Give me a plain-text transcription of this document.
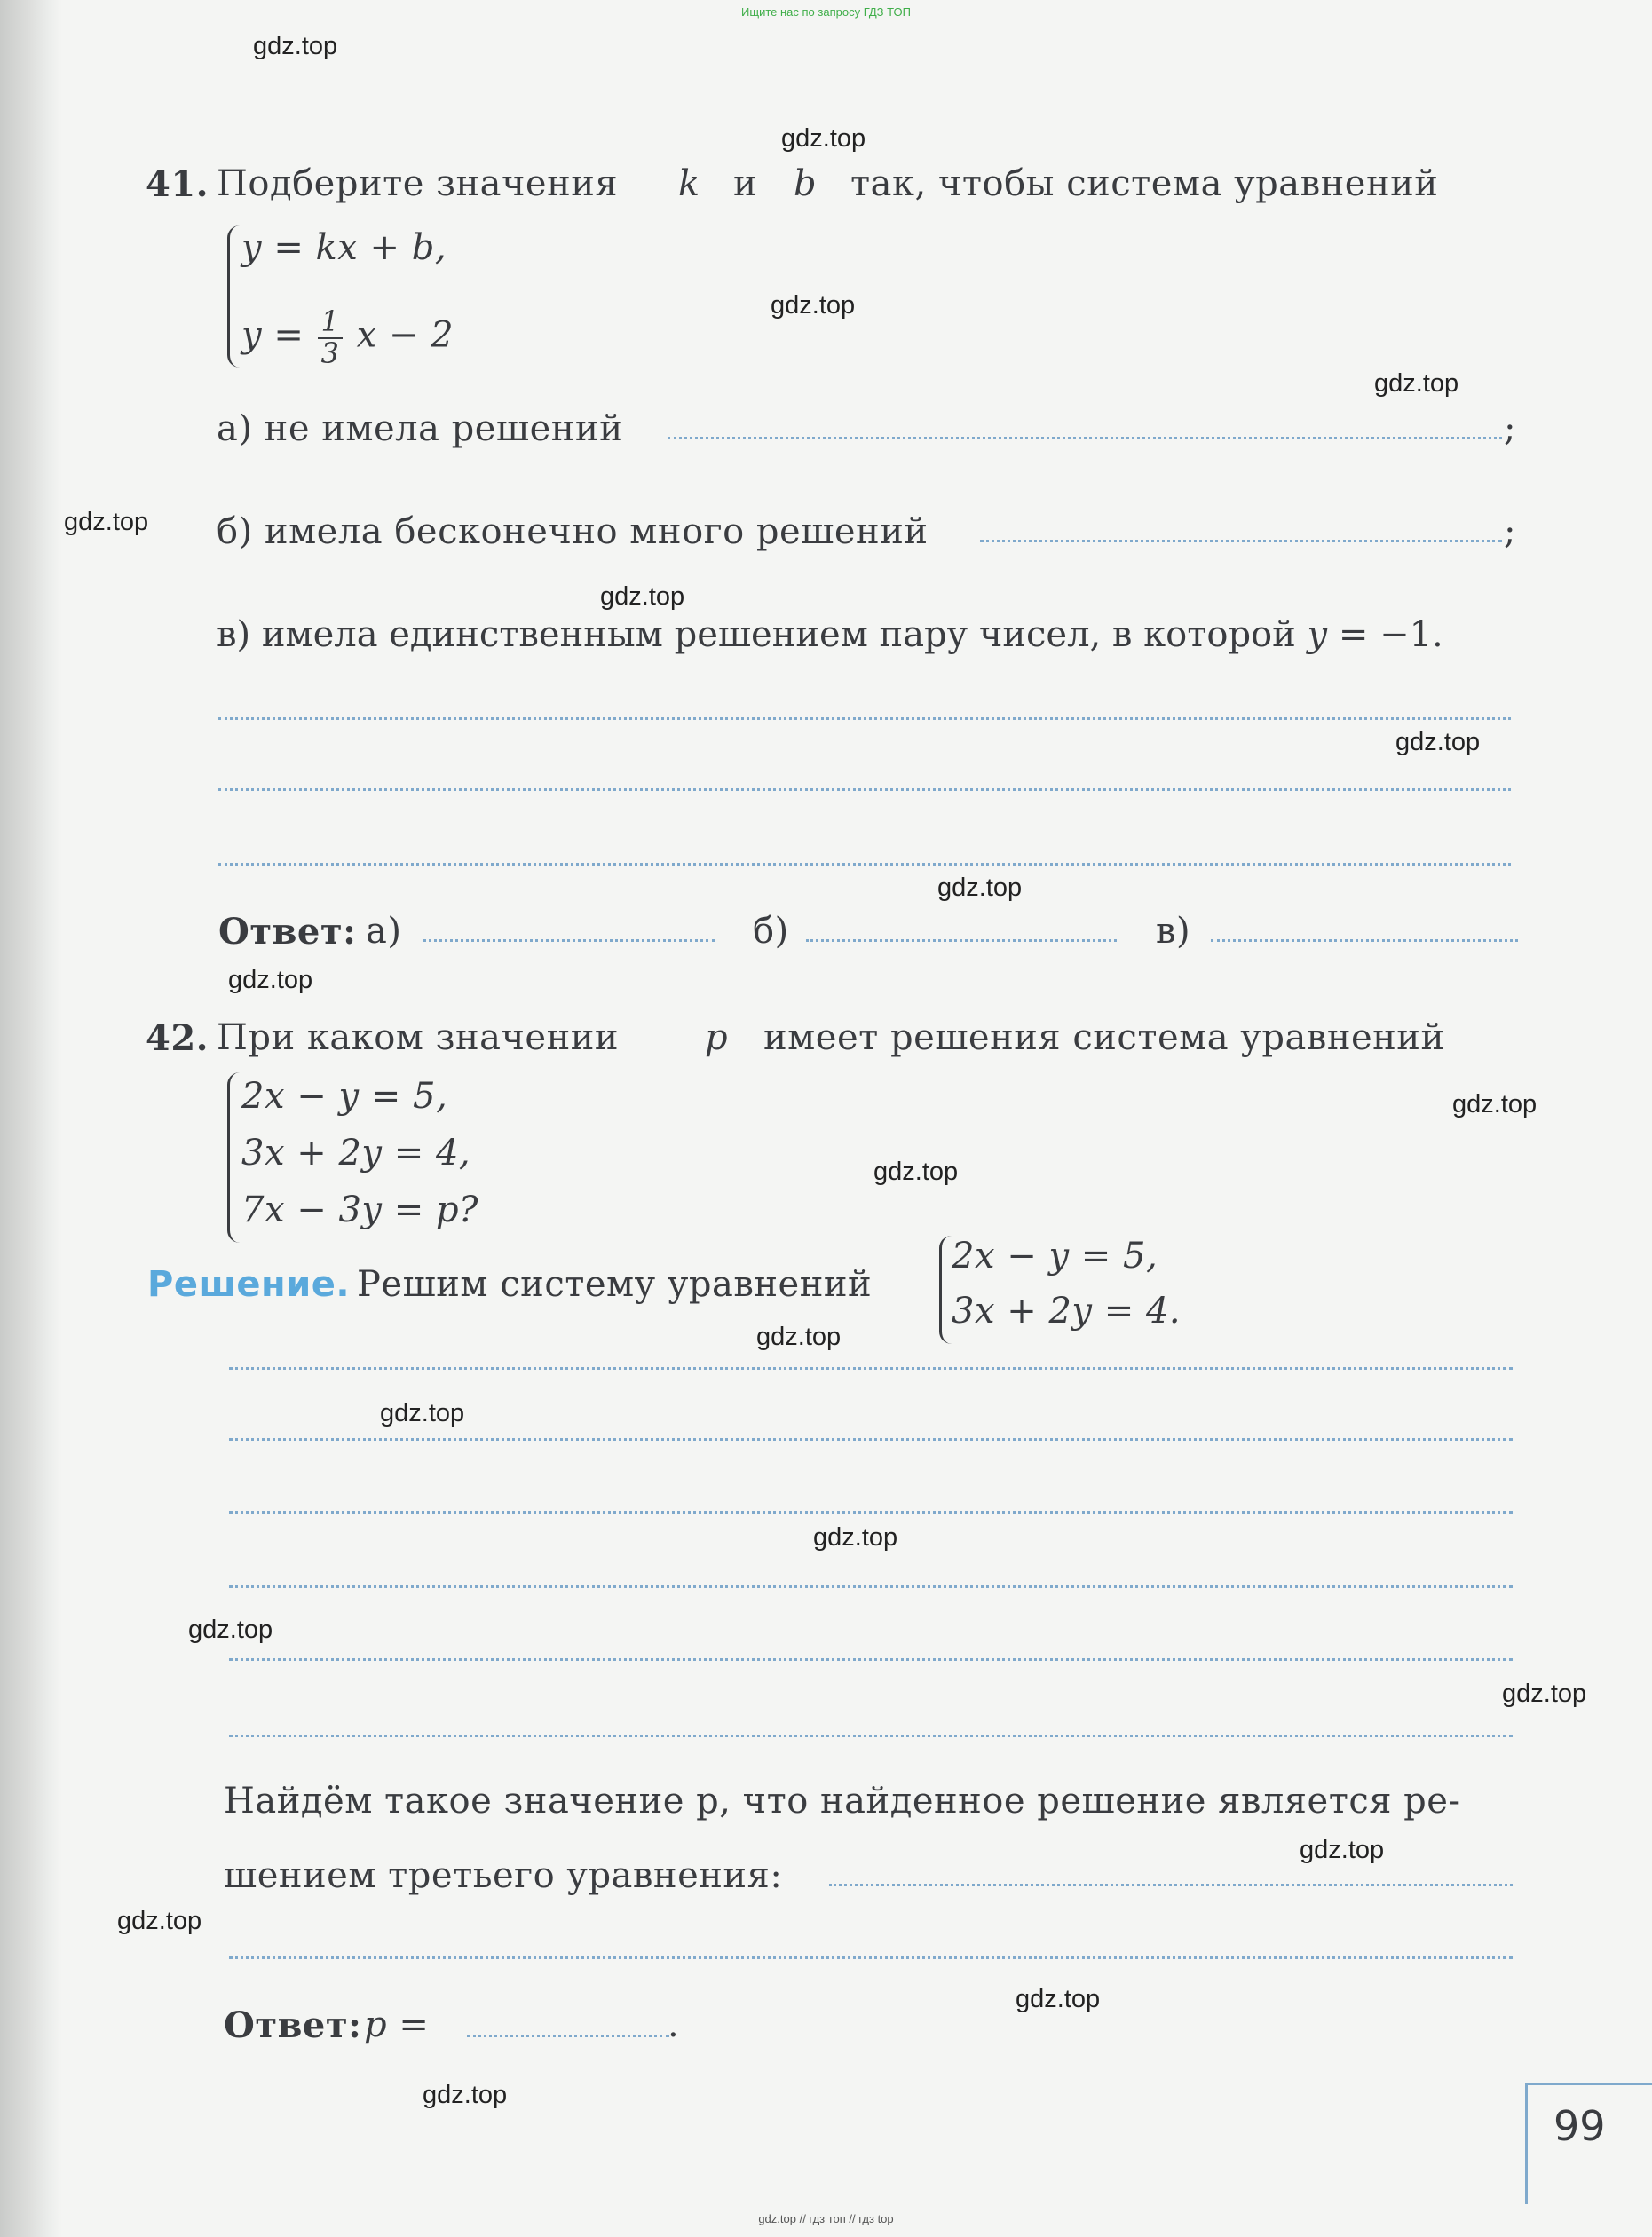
Ищите нас по запросу ГДЗ ТОП
gdz.top
gdz.top
gdz.top
gdz.top
gdz.top
gdz.top
gdz.top
gdz.top
gdz.top
gdz.top
gdz.top
gdz.top
gdz.top
gdz.top
gdz.top
gdz.top
gdz.top
gdz.top
gdz.top
gdz.top
41. Подберите значения k и b так, чтобы система уравнений
y = kx + b,
$y = \frac{1}{3}$ x − 2
а) не имела решений	;
б) имела бесконечно много решений	;
в) имела единственным решением пару чисел, в которой y = −1.
Ответ: а)	б)	в)
42. При каком значении p имеет решения система уравнений
2x − y = 5,
3x + 2y = 4,
7x − 3y = p?
Решение. Решим систему уравнений
2x − y = 5,
3x + 2y = 4.
Найдём такое значение p, что найденное решение является ре-
шением третьего уравнения:
Ответ: p =	.
99
gdz.top // гдз топ // гдз top
